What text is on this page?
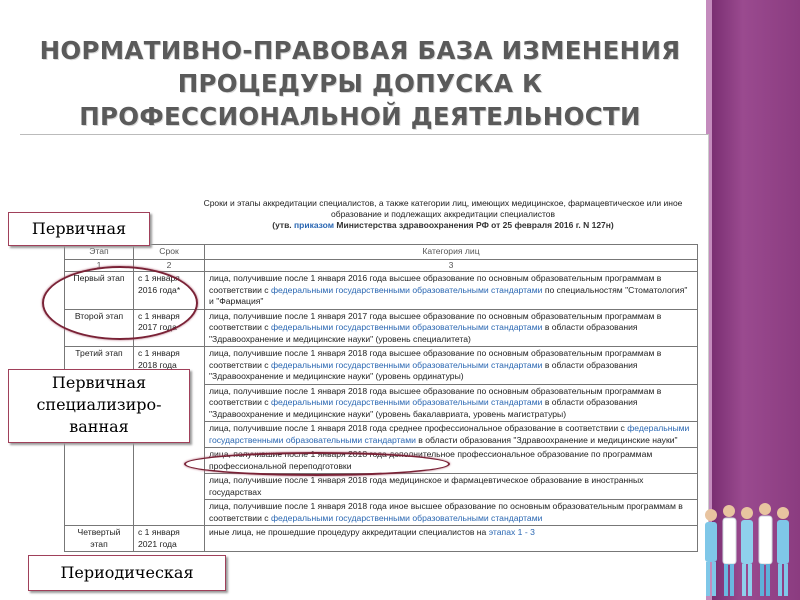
НОРМАТИВНО-ПРАВОВАЯ БАЗА ИЗМЕНЕНИЯ
ПРОЦЕДУРЫ ДОПУСКА К
ПРОФЕССИОНАЛЬНОЙ ДЕЯТЕЛЬНОСТИ
Сроки и этапы аккредитации специалистов, а также категории лиц, имеющих медицинское, фармацевтическое или иное
образование и подлежащих аккредитации специалистов
(утв. приказом Министерства здравоохранения РФ от 25 февраля 2016 г. N 127н)
Этап	Срок	Категория лиц
1	2	3
Первый этап	с 1 января 2016 года*	лица, получившие после 1 января 2016 года высшее образование по основным образовательным программам в соответствии с федеральными государственными образовательными стандартами по специальностям "Стоматология" и "Фармация"
Второй этап	с 1 января 2017 года	лица, получившие после 1 января 2017 года высшее образование по основным образовательным программам в соответствии с федеральными государственными образовательными стандартами в области образования "Здравоохранение и медицинские науки" (уровень специалитета)
Третий этап	с 1 января 2018 года	лица, получившие после 1 января 2018 года высшее образование по основным образовательным программам в соответствии с федеральными государственными образовательными стандартами в области образования "Здравоохранение и медицинские науки" (уровень ординатуры)
		лица, получившие после 1 января 2018 года высшее образование по основным образовательным программам в соответствии с федеральными государственными образовательными стандартами в области образования "Здравоохранение и медицинские науки" (уровень бакалавриата, уровень магистратуры)
		лица, получившие после 1 января 2018 года среднее профессиональное образование в соответствии с федеральными государственными образовательными стандартами в области образования "Здравоохранение и медицинские науки"
		лица, получившие после 1 января 2018 года дополнительное профессиональное образование по программам профессиональной переподготовки
		лица, получившие после 1 января 2018 года медицинское и фармацевтическое образование в иностранных государствах
		лица, получившие после 1 января 2018 года иное высшее образование по основным образовательным программам в соответствии с федеральными государственными образовательными стандартами
Четвертый этап	с 1 января 2021 года	иные лица, не прошедшие процедуру аккредитации специалистов на этапах 1 - 3
Первичная
Первичная
специализиро-
ванная
Периодическая
